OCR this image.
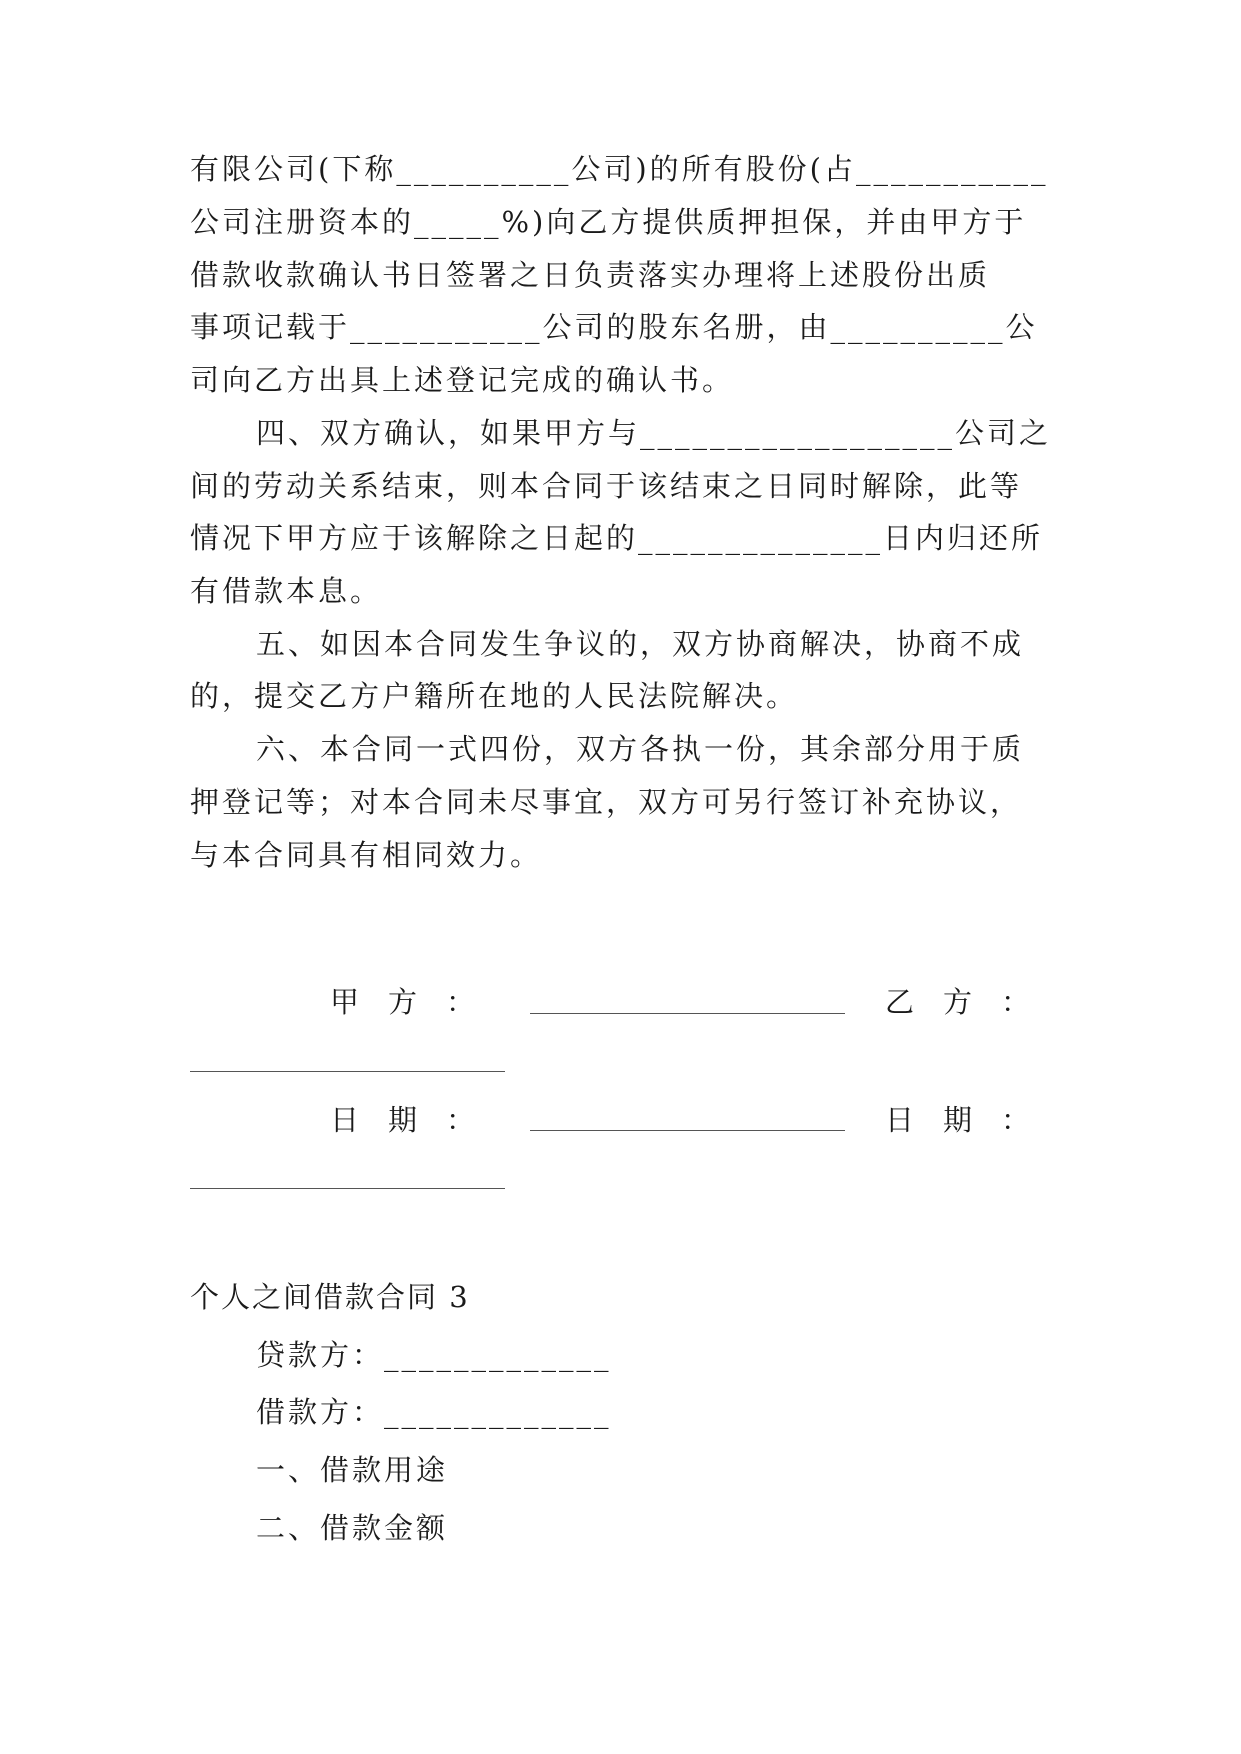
有限公司(下称__________公司)的所有股份(占___________
公司注册资本的_____%)向乙方提供质押担保，并由甲方于
借款收款确认书日签署之日负责落实办理将上述股份出质
事项记载于___________公司的股东名册，由__________公
司向乙方出具上述登记完成的确认书。
四、双方确认，如果甲方与__________________公司之
间的劳动关系结束，则本合同于该结束之日同时解除，此等
情况下甲方应于该解除之日起的______________日内归还所
有借款本息。
五、如因本合同发生争议的，双方协商解决，协商不成
的，提交乙方户籍所在地的人民法院解决。
六、本合同一式四份，双方各执一份，其余部分用于质
押登记等；对本合同未尽事宜，双方可另行签订补充协议，
与本合同具有相同效力。
甲　方　：	乙　方　：
日　期　：	日　期　：
个人之间借款合同 3
贷款方：_____________
借款方：_____________
一、借款用途
二、借款金额
